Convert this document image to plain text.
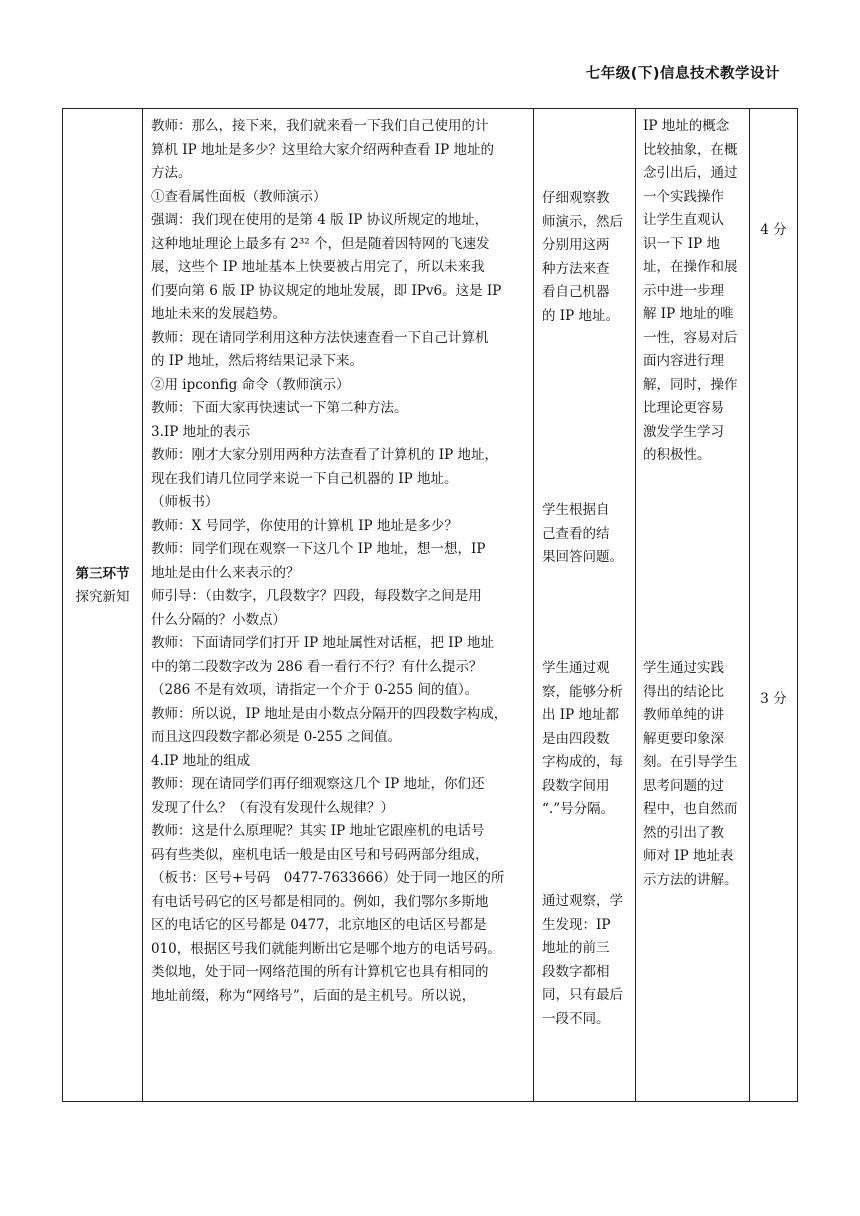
七年级(下)信息技术教学设计
第三环节
探究新知

教师：那么，接下来，我们就来看一下我们自己使用的计

算机 IP 地址是多少？这里给大家介绍两种查看 IP 地址的

方法。

①查看属性面板（教师演示）

强调：我们现在使用的是第 4 版 IP 协议所规定的地址，

这种地址理论上最多有 2³² 个，但是随着因特网的飞速发

展，这些个 IP 地址基本上快要被占用完了，所以未来我

们要向第 6 版 IP 协议规定的地址发展，即 IPv6。这是 IP

地址未来的发展趋势。

教师：现在请同学利用这种方法快速查看一下自己计算机

的 IP 地址，然后将结果记录下来。

②用 ipconfig 命令（教师演示）

教师：下面大家再快速试一下第二种方法。

3.IP 地址的表示

教师：刚才大家分别用两种方法查看了计算机的 IP 地址，

现在我们请几位同学来说一下自己机器的 IP 地址。

（师板书）

教师：X 号同学，你使用的计算机 IP 地址是多少？

教师：同学们现在观察一下这几个 IP 地址，想一想，IP

地址是由什么来表示的？

师引导：（由数字，几段数字？四段，每段数字之间是用

什么分隔的？小数点）

教师：下面请同学们打开 IP 地址属性对话框，把 IP 地址

中的第二段数字改为 286 看一看行不行？有什么提示？

（286 不是有效项，请指定一个介于 0-255 间的值）。

教师：所以说，IP 地址是由小数点分隔开的四段数字构成，

而且这四段数字都必须是 0-255 之间值。

4.IP 地址的组成

教师：现在请同学们再仔细观察这几个 IP 地址，你们还

发现了什么？（有没有发现什么规律？）

教师：这是什么原理呢？其实 IP 地址它跟座机的电话号

码有些类似，座机电话一般是由区号和号码两部分组成，

（板书：区号+号码　0477-7633666）处于同一地区的所

有电话号码它的区号都是相同的。例如，我们鄂尔多斯地

区的电话它的区号都是 0477，北京地区的电话区号都是

010，根据区号我们就能判断出它是哪个地方的电话号码。

类似地，处于同一网络范围的所有计算机它也具有相同的

地址前缀，称为“网络号”，后面的是主机号。所以说，

仔细观察教

师演示，然后

分别用这两

种方法来查

看自己机器

的 IP 地址。

学生根据自

己查看的结

果回答问题。

学生通过观

察，能够分析

出 IP 地址都

是由四段数

字构成的，每

段数字间用

“.”号分隔。

通过观察，学

生发现：IP

地址的前三

段数字都相

同，只有最后

一段不同。

IP 地址的概念

比较抽象，在概

念引出后，通过

一个实践操作

让学生直观认

识一下 IP 地

址，在操作和展

示中进一步理

解 IP 地址的唯

一性，容易对后

面内容进行理

解，同时，操作

比理论更容易

激发学生学习

的积极性。

学生通过实践

得出的结论比

教师单纯的讲

解更要印象深

刻。在引导学生

思考问题的过

程中，也自然而

然的引出了教

师对 IP 地址表

示方法的讲解。

4 分
3 分
